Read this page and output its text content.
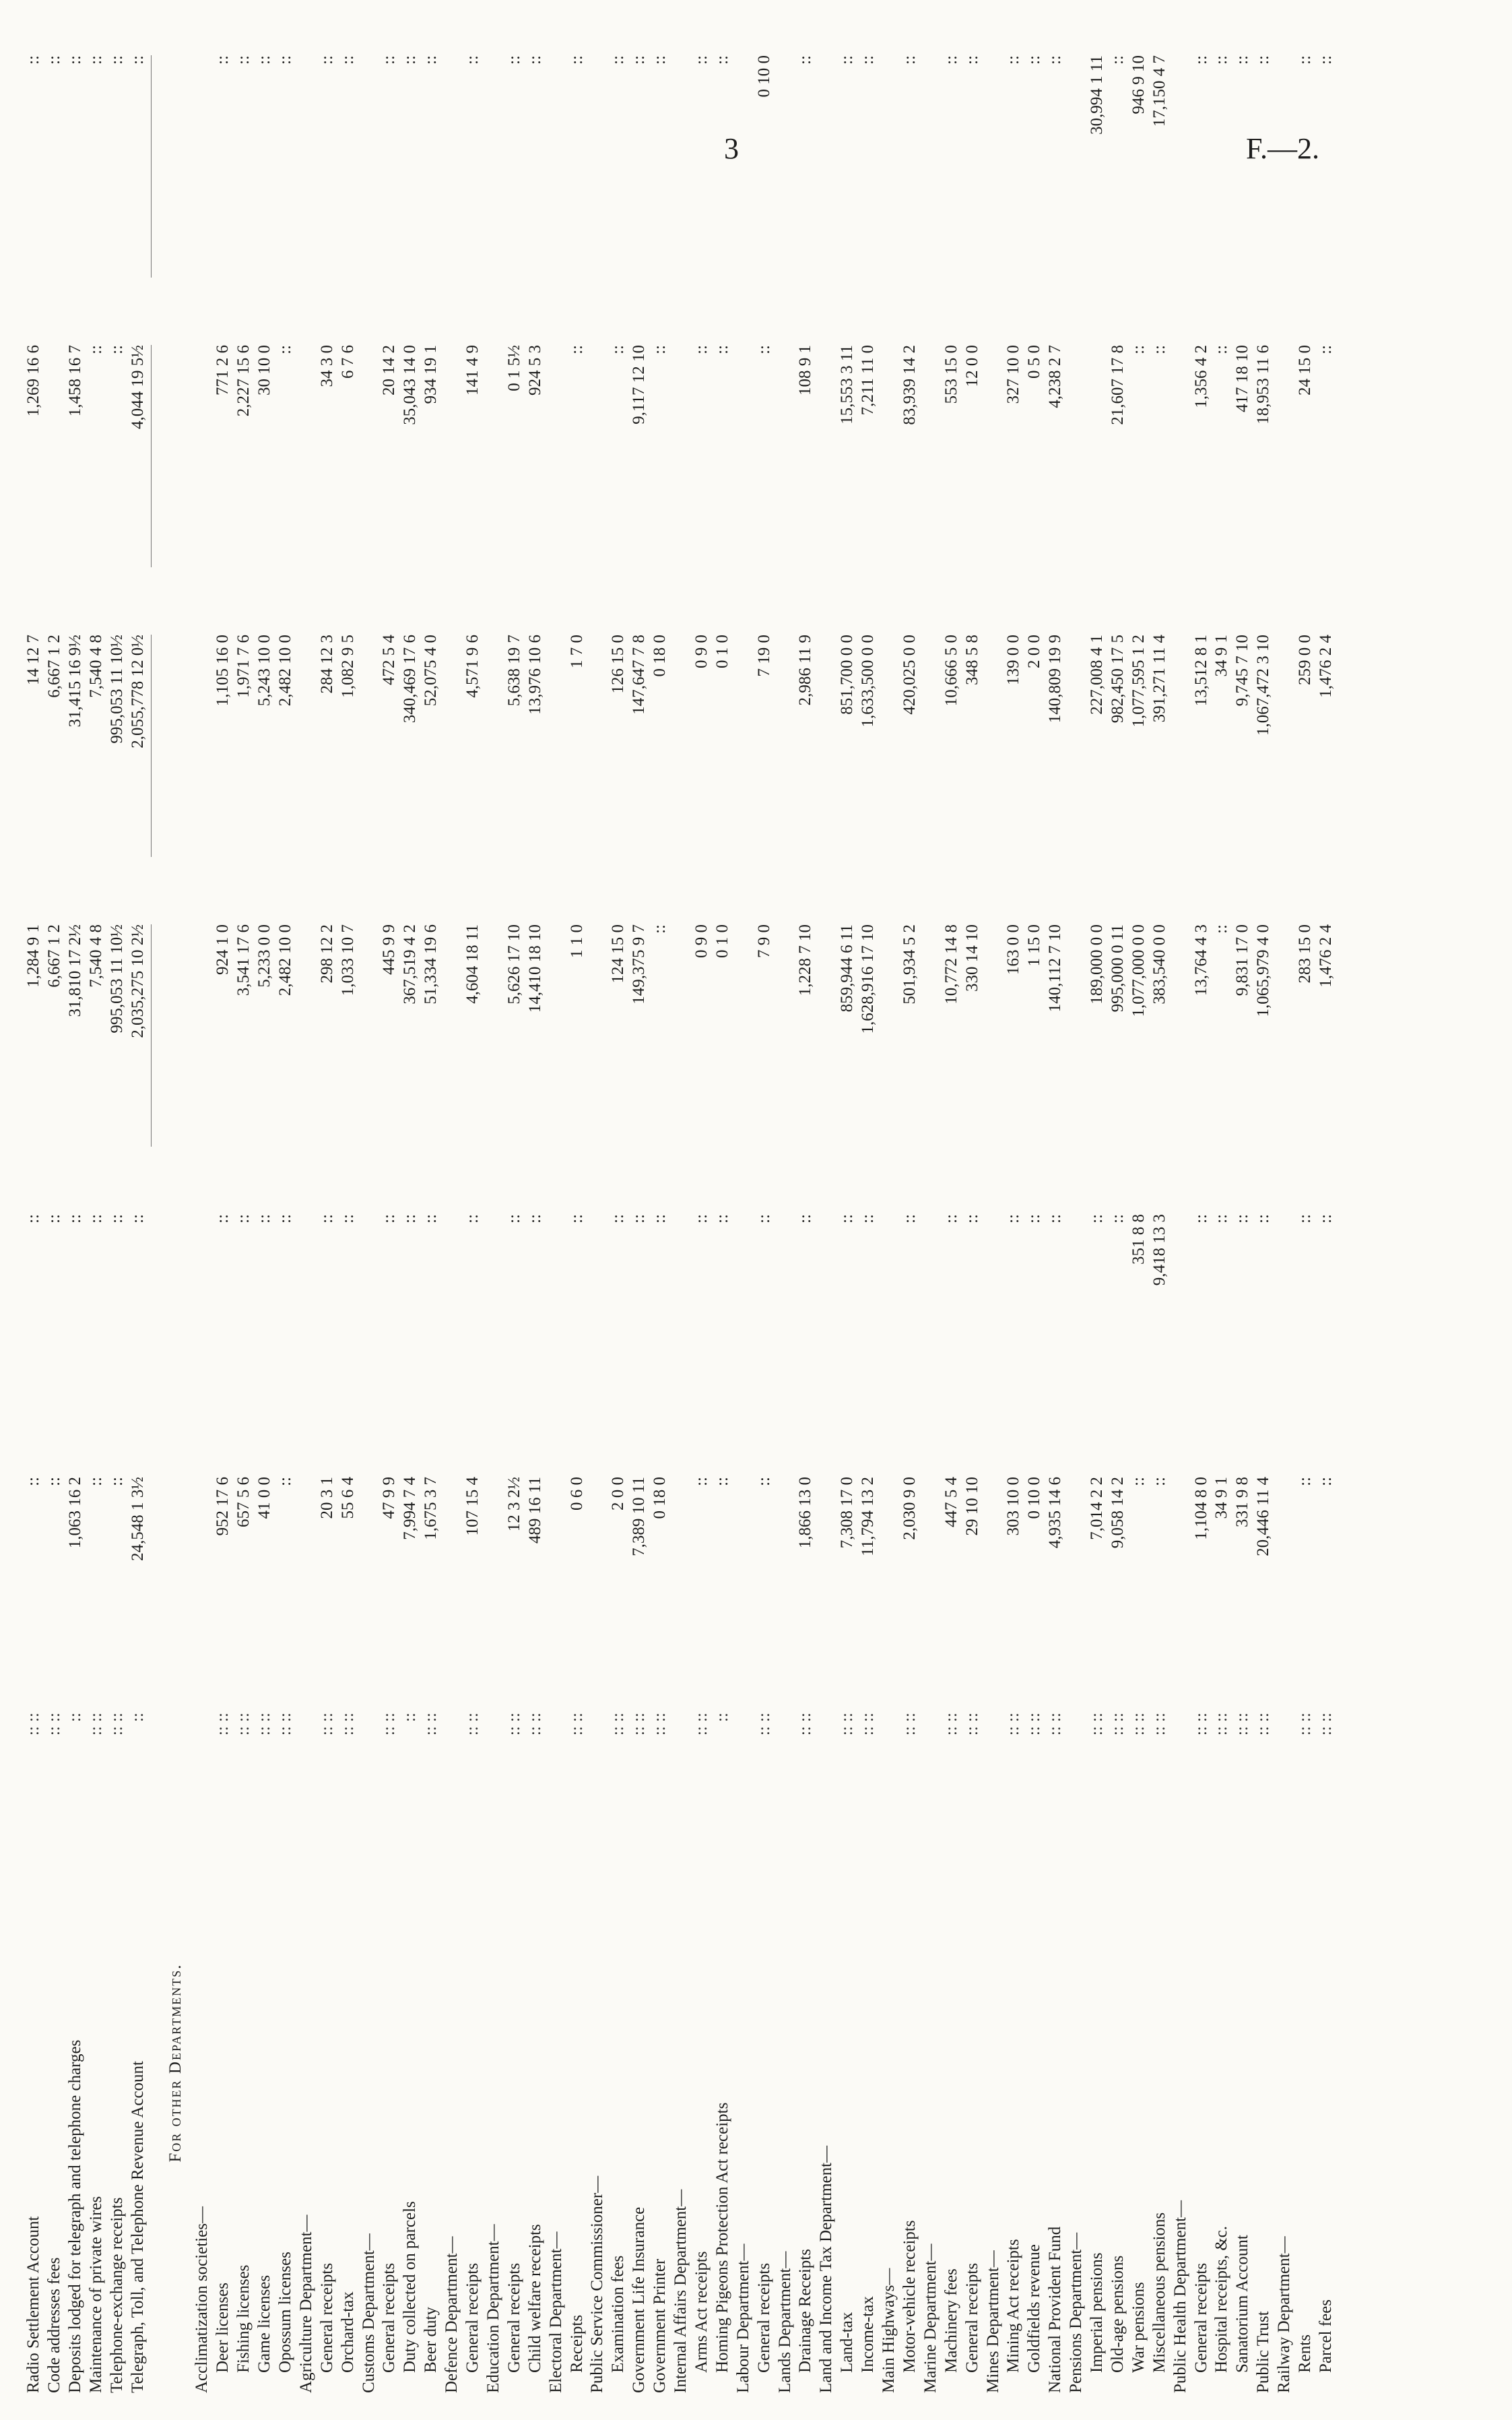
3	F.—2.
Radio Settlement Account
:: ::
::
::
1,284 9 1
14 12 7
1,269 16 6
::
Code addresses fees
:: ::
::
::
6,667 1 2
6,667 1 2
::
Deposits lodged for telegraph and telephone charges
::
1,063 16 2
::
31,810 17 2½
31,415 16 9½
1,458 16 7
::
Maintenance of private wires
:: ::
::
::
7,540 4 8
7,540 4 8
::
::
Telephone-exchange receipts
:: ::
::
::
995,053 11 10½
995,053 11 10½
::
::
Telegraph, Toll, and Telephone Revenue Account
::
24,548 1 3½
::
2,035,275 10 2½
2,055,778 12 0½
4,044 19 5½
::
For other Departments.
Acclimatization societies— Deer licenses
:: ::
952 17 6
::
924 1 0
1,105 16 0
771 2 6
::
Fishing licenses
:: ::
657 5 6
::
3,541 17 6
1,971 7 6
2,227 15 6
::
Game licenses
:: ::
41 0 0
::
5,233 0 0
5,243 10 0
30 10 0
::
Opossum licenses
:: ::
::
::
2,482 10 0
2,482 10 0
::
::
Agriculture Department— General receipts
:: ::
20 3 1
::
298 12 2
284 12 3
34 3 0
::
Orchard-tax
:: ::
55 6 4
::
1,033 10 7
1,082 9 5
6 7 6
::
Customs Department— General receipts
:: ::
47 9 9
::
445 9 9
472 5 4
20 14 2
::
Duty collected on parcels
::
7,994 7 4
::
367,519 4 2
340,469 17 6
35,043 14 0
::
Beer duty
:: ::
1,675 3 7
::
51,334 19 6
52,075 4 0
934 19 1
::
Defence Department— General receipts
:: ::
107 15 4
::
4,604 18 11
4,571 9 6
141 4 9
::
Education Department— General receipts
:: ::
12 3 2½
::
5,626 17 10
5,638 19 7
0 1 5½
::
Child welfare receipts
:: ::
489 16 11
::
14,410 18 10
13,976 10 6
924 5 3
::
Electoral Department— Receipts
:: ::
0 6 0
::
1 1 0
1 7 0
::
::
Public Service Commissioner— Examination fees
:: ::
2 0 0
::
124 15 0
126 15 0
::
::
Government Life Insurance
:: ::
7,389 10 11
::
149,375 9 7
147,647 7 8
9,117 12 10
::
Government Printer
:: ::
0 18 0
::
::
0 18 0
::
::
Internal Affairs Department— Arms Act receipts
:: ::
::
::
0 9 0
0 9 0
::
::
Homing Pigeons Protection Act receipts
::
::
::
0 1 0
0 1 0
::
::
Labour Department— General receipts
:: ::
::
::
7 9 0
7 19 0
::
0 10 0
Lands Department— Drainage Receipts
:: ::
1,866 13 0
::
1,228 7 10
2,986 11 9
108 9 1
::
Land and Income Tax Department— Land-tax
:: ::
7,308 17 0
::
859,944 6 11
851,700 0 0
15,553 3 11
::
Income-tax
:: ::
11,794 13 2
::
1,628,916 17 10
1,633,500 0 0
7,211 11 0
::
Main Highways— Motor-vehicle receipts
:: ::
2,030 9 0
::
501,934 5 2
420,025 0 0
83,939 14 2
::
Marine Department— Machinery fees
:: ::
447 5 4
::
10,772 14 8
10,666 5 0
553 15 0
::
General receipts
:: ::
29 10 10
::
330 14 10
348 5 8
12 0 0
::
Mines Department— Mining Act receipts
:: ::
303 10 0
::
163 0 0
139 0 0
327 10 0
::
Goldfields revenue
:: ::
0 10 0
::
1 15 0
2 0 0
0 5 0
::
National Provident Fund
:: ::
4,935 14 6
::
140,112 7 10
140,809 19 9
4,238 2 7
::
Pensions Department— Imperial pensions
:: ::
7,014 2 2
::
189,000 0 0
227,008 4 1
30,994 1 11
Old-age pensions
:: ::
9,058 14 2
::
995,000 0 11
982,450 17 5
21,607 17 8
::
War pensions
:: ::
::
351 8 8
1,077,000 0 0
1,077,595 1 2
::
946 9 10
Miscellaneous pensions
:: ::
::
9,418 13 3
383,540 0 0
391,271 11 4
::
17,150 4 7
Public Health Department— General receipts
:: ::
1,104 8 0
::
13,764 4 3
13,512 8 1
1,356 4 2
::
Hospital receipts, &c.
:: ::
34 9 1
::
::
34 9 1
::
::
Sanatorium Account
:: ::
331 9 8
::
9,831 17 0
9,745 7 10
417 18 10
::
Public Trust
:: ::
20,446 11 4
::
1,065,979 4 0
1,067,472 3 10
18,953 11 6
::
Railway Department— Rents
:: ::
::
::
283 15 0
259 0 0
24 15 0
::
Parcel fees
:: ::
::
::
1,476 2 4
1,476 2 4
::
::
